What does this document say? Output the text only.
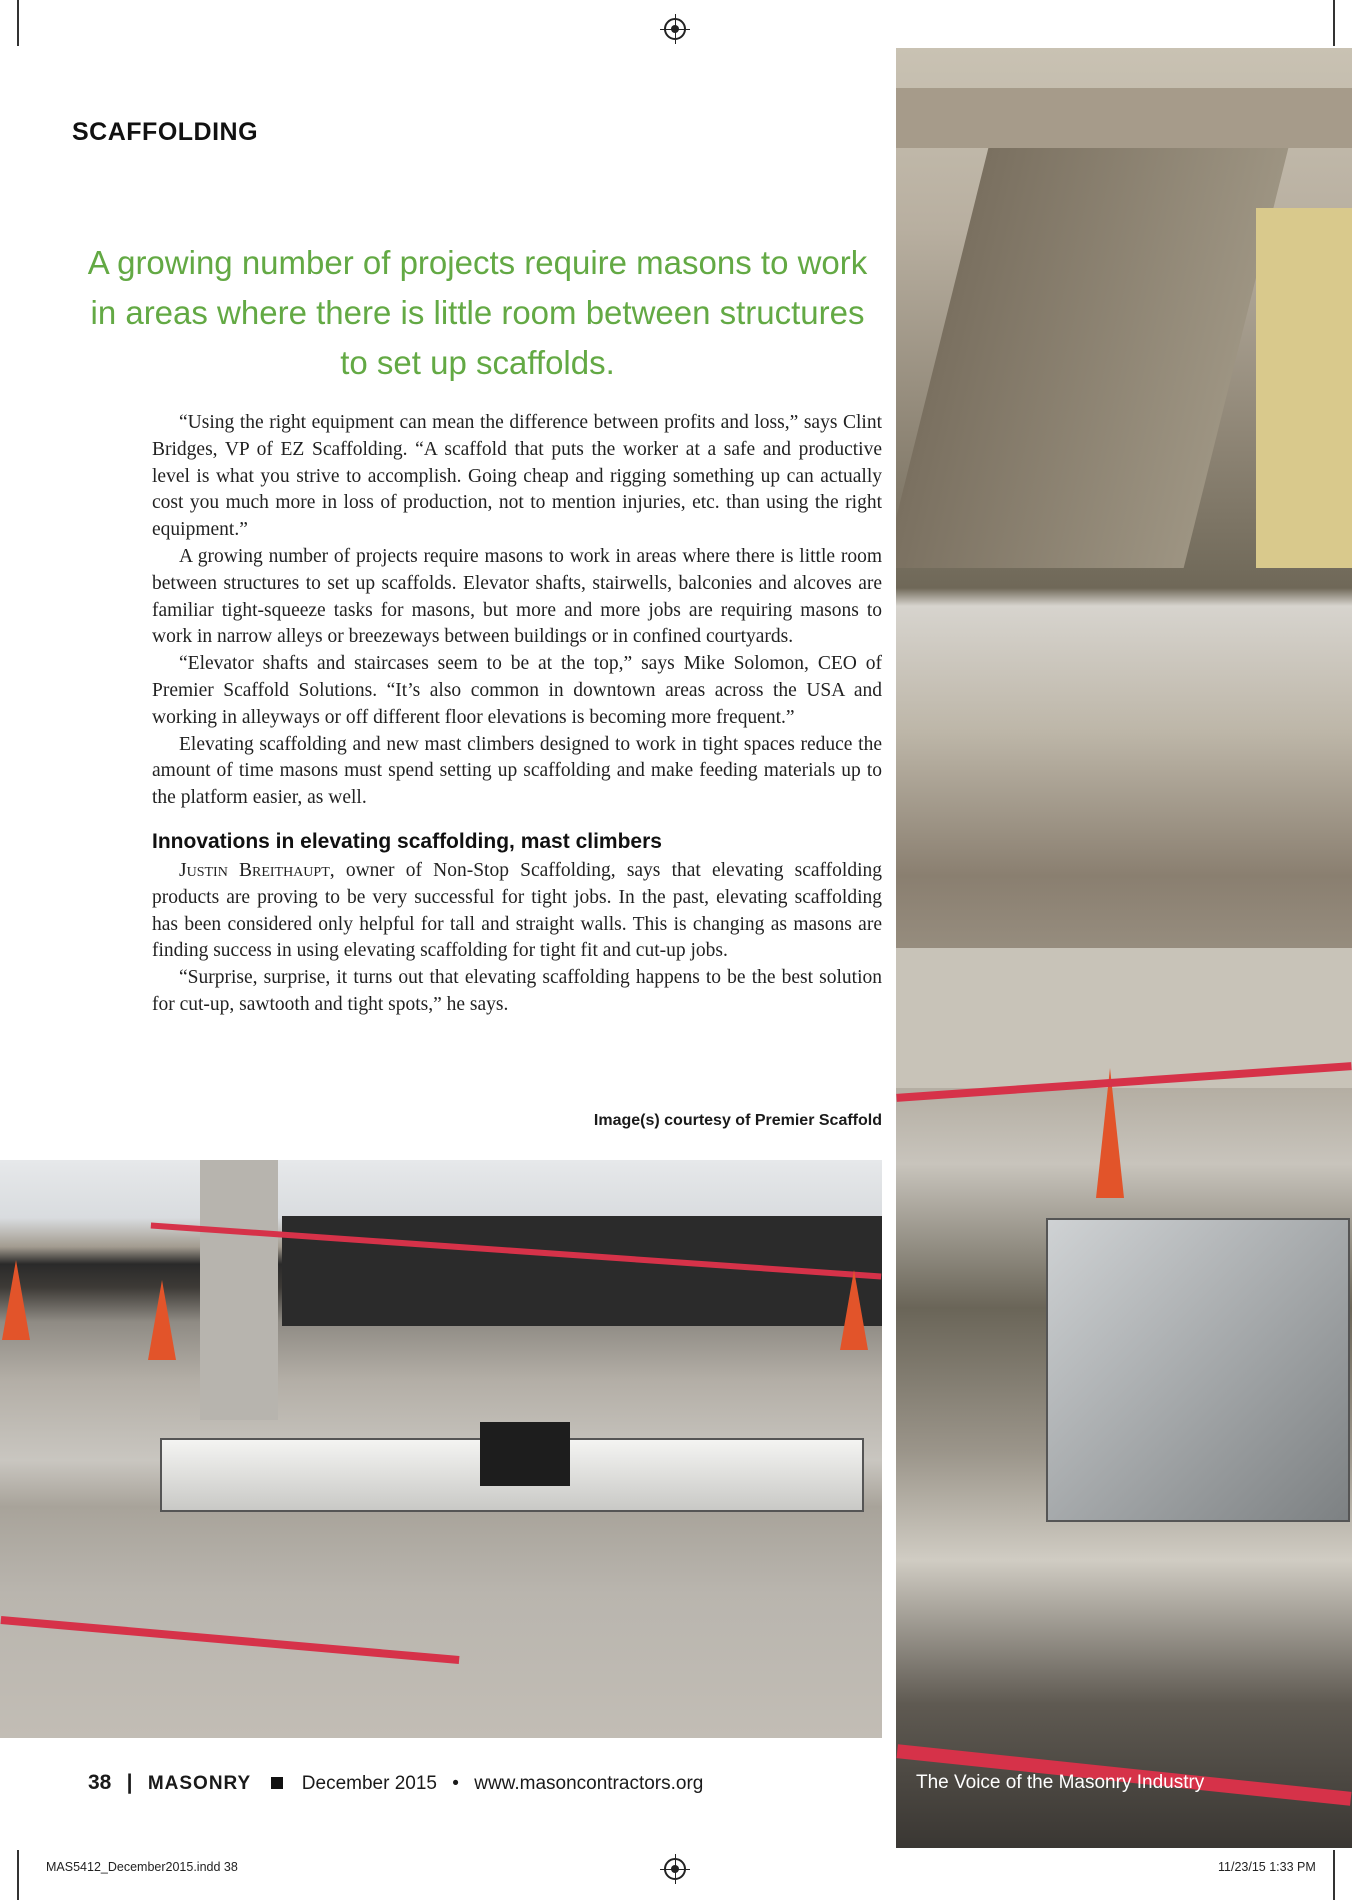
SCAFFOLDING

A growing number of projects require masons to work in areas where there is little room between structures to set up scaffolds.

“Using the right equipment can mean the difference between profits and loss,” says Clint Bridges, VP of EZ Scaffolding. “A scaffold that puts the worker at a safe and productive level is what you strive to accomplish. Going cheap and rigging something up can actually cost you much more in loss of production, not to mention injuries, etc. than using the right equipment.”

A growing number of projects require masons to work in areas where there is little room between structures to set up scaffolds. Elevator shafts, stairwells, balconies and alcoves are familiar tight-squeeze tasks for masons, but more and more jobs are requiring masons to work in narrow alleys or breezeways between buildings or in confined courtyards.

“Elevator shafts and staircases seem to be at the top,” says Mike Solomon, CEO of Premier Scaffold Solutions. “It’s also common in downtown areas across the USA and working in alleyways or off different floor elevations is becoming more frequent.”

Elevating scaffolding and new mast climbers designed to work in tight spaces reduce the amount of time masons must spend setting up scaffolding and make feeding materials up to the platform easier, as well.

Innovations in elevating scaffolding, mast climbers

Justin Breithaupt, owner of Non-Stop Scaffolding, says that elevating scaffolding products are proving to be very successful for tight jobs. In the past, elevating scaffolding has been considered only helpful for tall and straight walls. This is changing as masons are finding success in using elevating scaffolding for tight fit and cut-up jobs.

“Surprise, surprise, it turns out that elevating scaffolding happens to be the best solution for cut-up, sawtooth and tight spots,” he says.

Image(s) courtesy of Premier Scaffold
38 | MASONRY	December 2015 • www.masoncontractors.org	The Voice of the Masonry Industry
MAS5412_December2015.indd 38	11/23/15 1:33 PM
